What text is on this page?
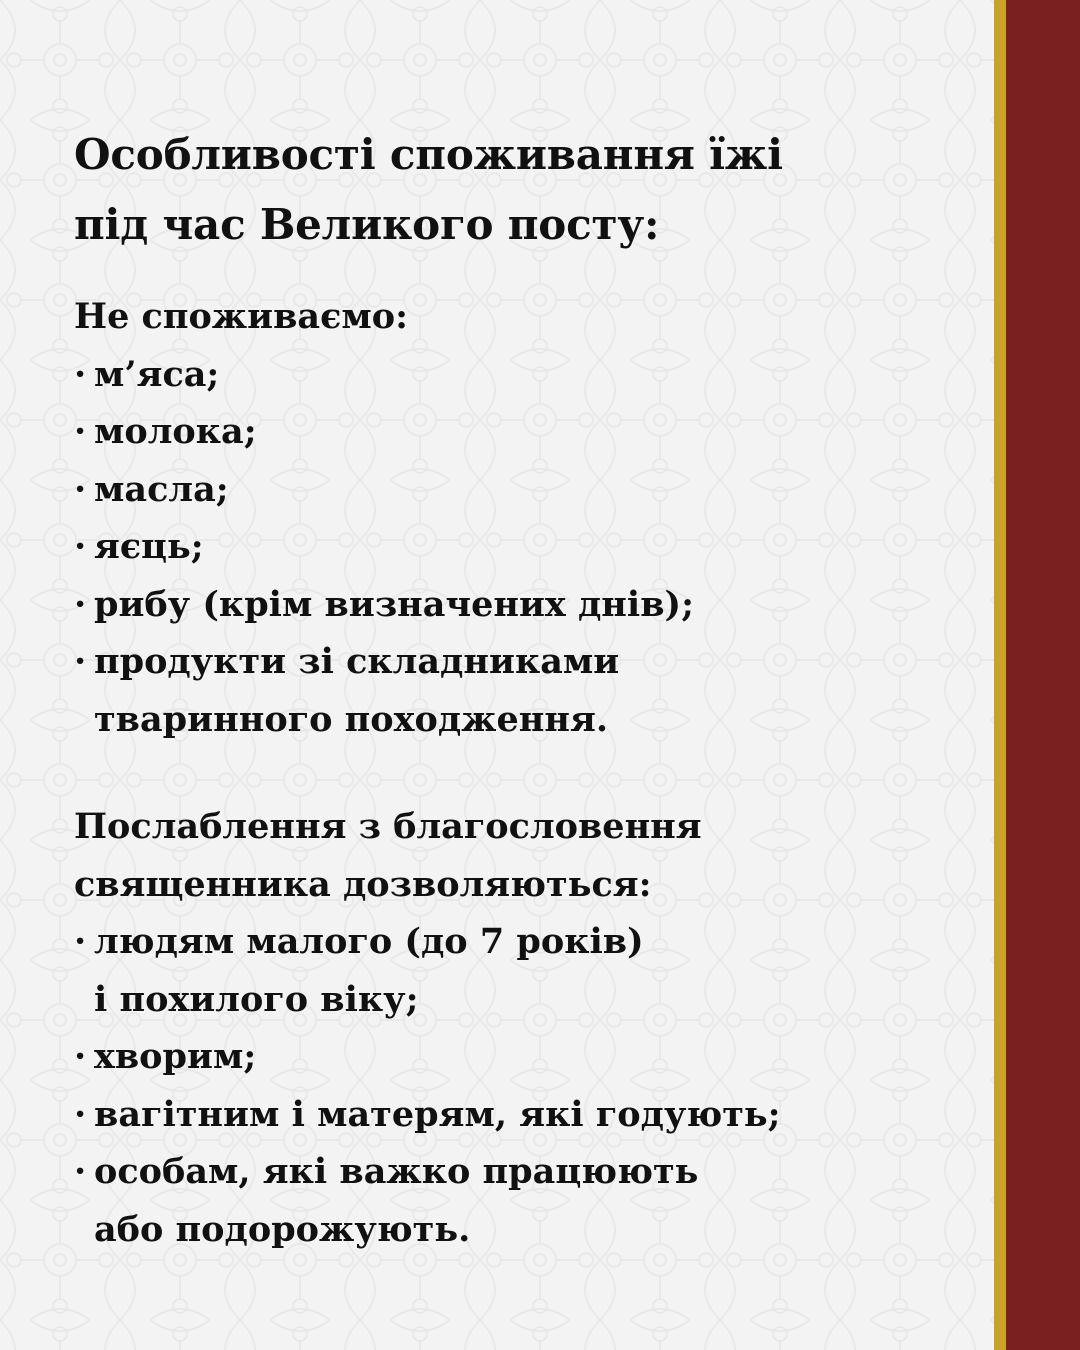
Особливості споживання їжі
під час Великого посту:
Не споживаємо:
· м’яса;
· молока;
· масла;
· яєць;
· рибу (крім визначених днів);
· продукти зі складниками
тваринного походження.
Послаблення з благословення
священника дозволяються:
· людям малого (до 7 років)
і похилого віку;
· хворим;
· вагітним і матерям, які годують;
· особам, які важко працюють
або подорожують.
